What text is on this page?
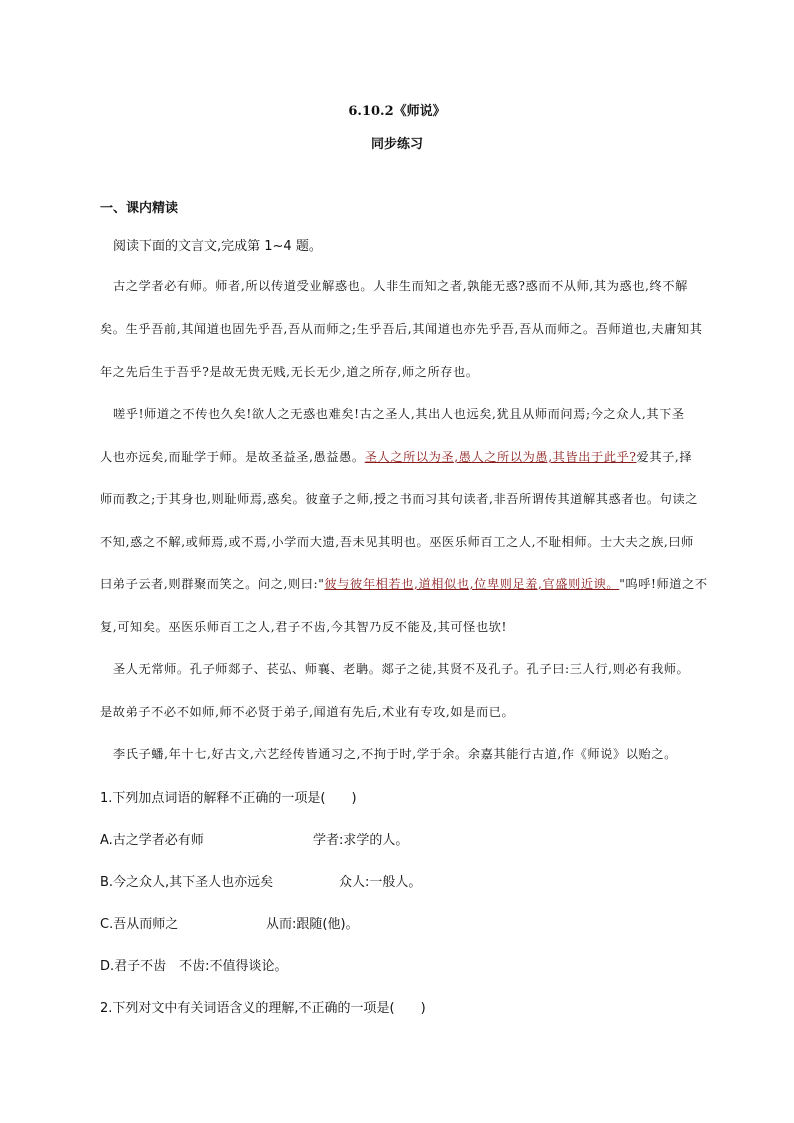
6.10.2《师说》
同步练习
一、课内精读
阅读下面的文言文,完成第 1~4 题。
古之学者必有师。师者,所以传道受业解惑也。人非生而知之者,孰能无惑?惑而不从师,其为惑也,终不解
矣。生乎吾前,其闻道也固先乎吾,吾从而师之;生乎吾后,其闻道也亦先乎吾,吾从而师之。吾师道也,夫庸知其
年之先后生于吾乎?是故无贵无贱,无长无少,道之所存,师之所存也。
嗟乎!师道之不传也久矣!欲人之无惑也难矣!古之圣人,其出人也远矣,犹且从师而问焉;今之众人,其下圣
人也亦远矣,而耻学于师。是故圣益圣,愚益愚。圣人之所以为圣,愚人之所以为愚,其皆出于此乎?爱其子,择
师而教之;于其身也,则耻师焉,惑矣。彼童子之师,授之书而习其句读者,非吾所谓传其道解其惑者也。句读之
不知,惑之不解,或师焉,或不焉,小学而大遗,吾未见其明也。巫医乐师百工之人,不耻相师。士大夫之族,曰师
曰弟子云者,则群聚而笑之。问之,则曰:"彼与彼年相若也,道相似也,位卑则足羞,官盛则近谀。"呜呼!师道之不
复,可知矣。巫医乐师百工之人,君子不齿,今其智乃反不能及,其可怪也欤!
圣人无常师。孔子师郯子、苌弘、师襄、老聃。郯子之徒,其贤不及孔子。孔子曰:三人行,则必有我师。
是故弟子不必不如师,师不必贤于弟子,闻道有先后,术业有专攻,如是而已。
李氏子蟠,年十七,好古文,六艺经传皆通习之,不拘于时,学于余。余嘉其能行古道,作《师说》以贻之。
1.下列加点词语的解释不正确的一项是(　　)
A.古之学者必有师	学者:求学的人。
B.今之众人,其下圣人也亦远矣	众人:一般人。
C.吾从而师之	从而:跟随(他)。
D.君子不齿　不齿:不值得谈论。
2.下列对文中有关词语含义的理解,不正确的一项是(　　)
